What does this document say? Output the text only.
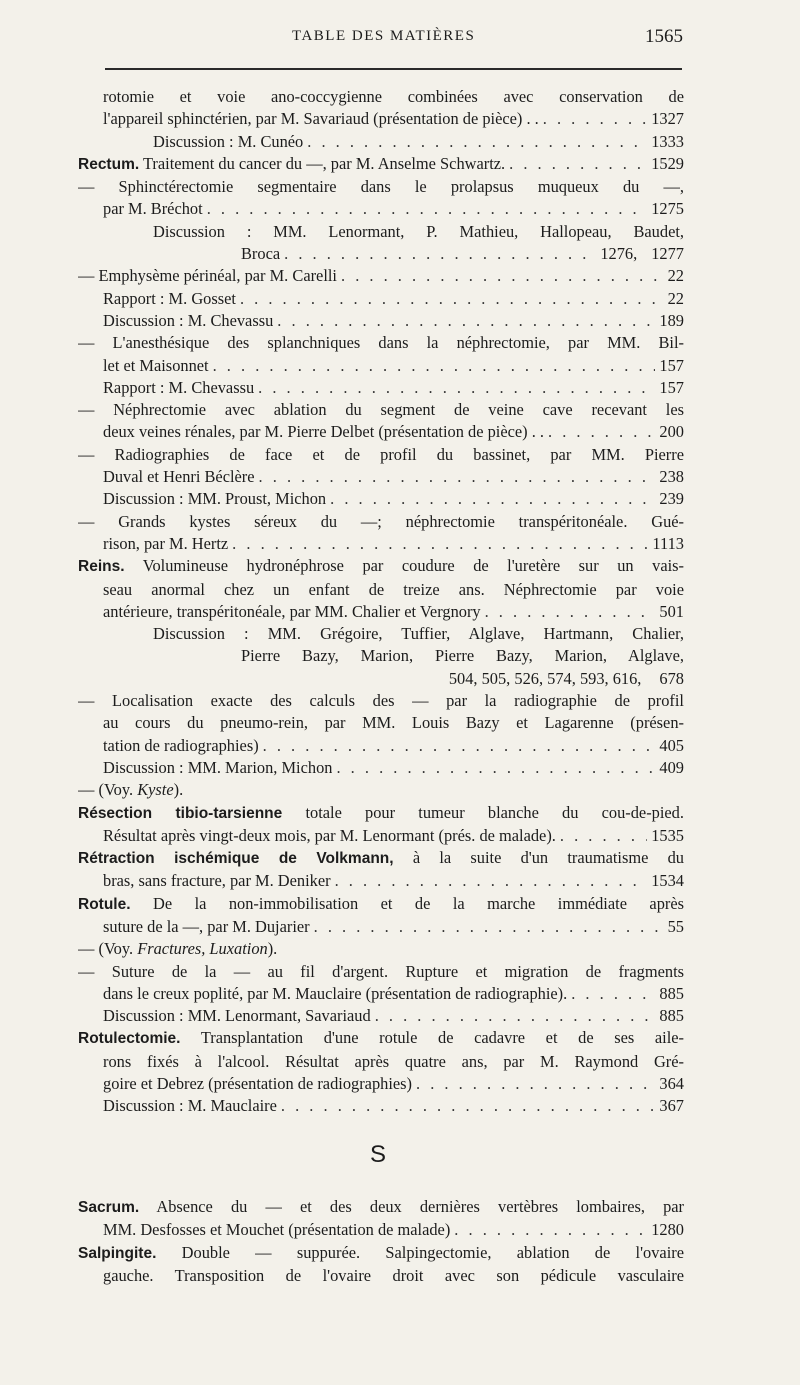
TABLE DES MATIÈRES	1565
rotomie et voie ano-coccygienne combinées avec conservation de
l'appareil sphinctérien, par M. Savariaud (présentation de pièce) . . . . .	1327
Discussion : M. Cunéo . . .	1333
Rectum. Traitement du cancer du —, par M. Anselme Schwartz. . . .	1529
— Sphinctérectomie segmentaire dans le prolapsus muqueux du —,
par M. Bréchot . . .	1275
Discussion : MM. Lenormant, P. Mathieu, Hallopeau, Baudet,
Broca . . .	1276, 1277
— Emphysème périnéal, par M. Carelli . . .	22
Rapport : M. Gosset . . .	22
Discussion : M. Chevassu . . .	189
— L'anesthésique des splanchniques dans la néphrectomie, par MM. Bil-
let et Maisonnet . . .	157
Rapport : M. Chevassu . . .	157
— Néphrectomie avec ablation du segment de veine cave recevant les
deux veines rénales, par M. Pierre Delbet (présentation de pièce) . . . . .	200
— Radiographies de face et de profil du bassinet, par MM. Pierre
Duval et Henri Béclère . . .	238
Discussion : MM. Proust, Michon . . .	239
— Grands kystes séreux du —; néphrectomie transpéritonéale. Gué-
rison, par M. Hertz . . .	1113
Reins. Volumineuse hydronéphrose par coudure de l'uretère sur un vais-
seau anormal chez un enfant de treize ans. Néphrectomie par voie
antérieure, transpéritonéale, par MM. Chalier et Vergnory . . .	501
Discussion : MM. Grégoire, Tuffier, Alglave, Hartmann, Chalier,
Pierre Bazy, Marion, Pierre Bazy, Marion, Alglave,
504, 505, 526, 574, 593, 616, 678
— Localisation exacte des calculs des — par la radiographie de profil
au cours du pneumo-rein, par MM. Louis Bazy et Lagarenne (présen-
tation de radiographies) . . .	405
Discussion : MM. Marion, Michon . . .	409
— (Voy. Kyste).
Résection tibio-tarsienne totale pour tumeur blanche du cou-de-pied.
Résultat après vingt-deux mois, par M. Lenormant (prés. de malade). . . .	1535
Rétraction ischémique de Volkmann, à la suite d'un traumatisme du
bras, sans fracture, par M. Deniker . . .	1534
Rotule. De la non-immobilisation et de la marche immédiate après
suture de la —, par M. Dujarier . . .	55
— (Voy. Fractures, Luxation).
— Suture de la — au fil d'argent. Rupture et migration de fragments
dans le creux poplité, par M. Mauclaire (présentation de radiographie). . . .	885
Discussion : MM. Lenormant, Savariaud . . .	885
Rotulectomie. Transplantation d'une rotule de cadavre et de ses aile-
rons fixés à l'alcool. Résultat après quatre ans, par M. Raymond Gré-
goire et Debrez (présentation de radiographies) . . .	364
Discussion : M. Mauclaire . . .	367
S
Sacrum. Absence du — et des deux dernières vertèbres lombaires, par
MM. Desfosses et Mouchet (présentation de malade) . . .	1280
Salpingite. Double — suppurée. Salpingectomie, ablation de l'ovaire
gauche. Transposition de l'ovaire droit avec son pédicule vasculaire
